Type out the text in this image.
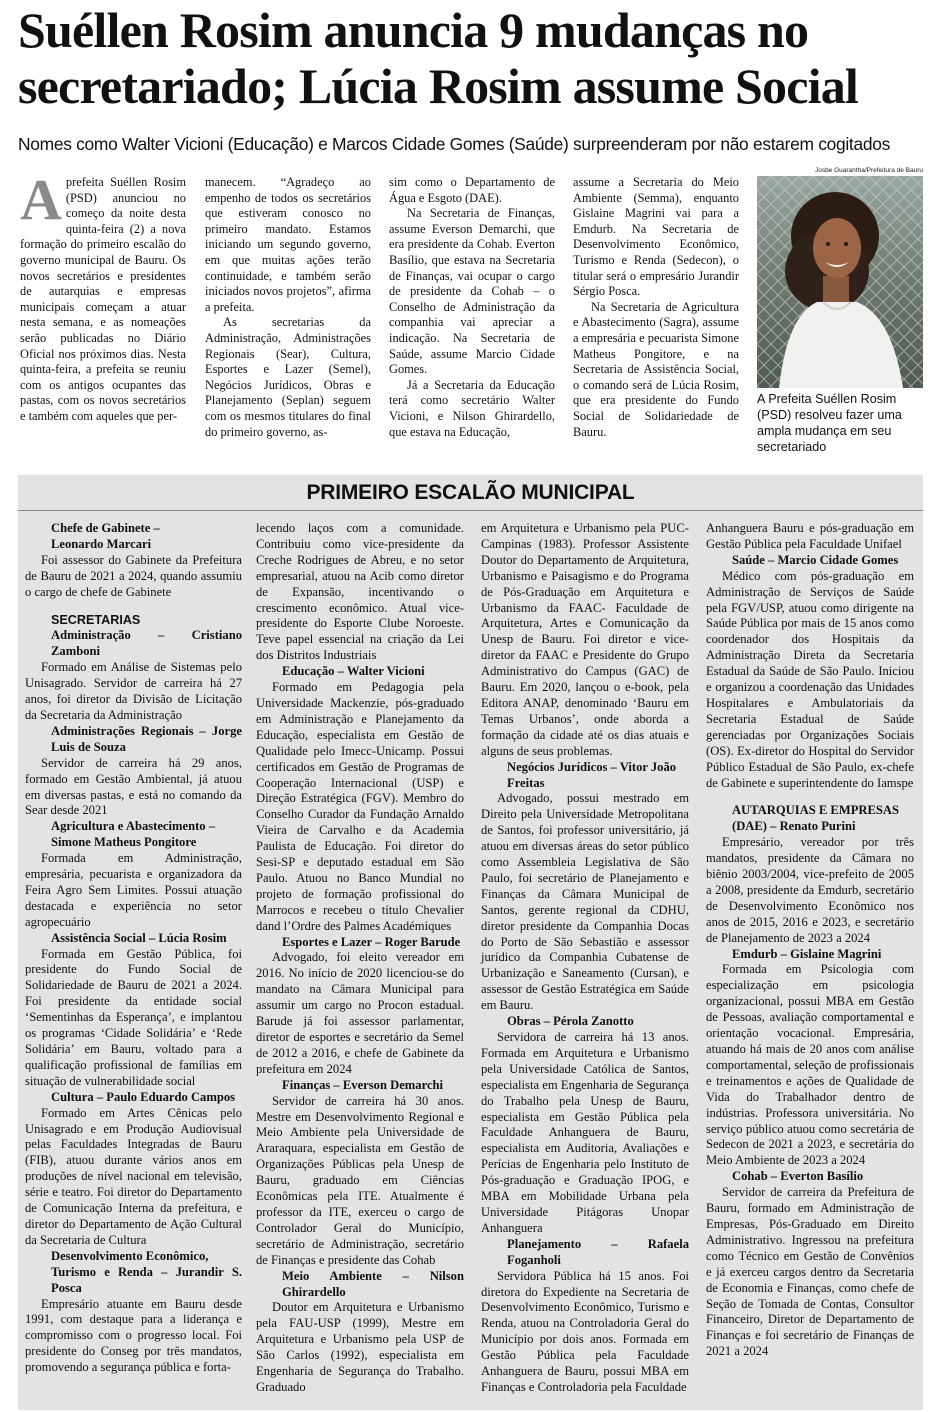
Suéllen Rosim anuncia 9 mudanças no secretariado; Lúcia Rosim assume Social

Nomes como Walter Vicioni (Educação) e Marcos Cidade Gomes (Saúde) surpreenderam por não estarem cogitados

A prefeita Suéllen Rosim (PSD) anunciou no começo da noite desta quinta-feira (2) a nova formação do primeiro escalão do governo municipal de Bauru. Os novos secretários e presidentes de autarquias e empresas municipais começam a atuar nesta semana, e as nomeações serão publicadas no Diário Oficial nos próximos dias. Nesta quinta-feira, a prefeita se reuniu com os antigos ocupantes das pastas, com os novos secretários e também com aqueles que per-

manecem. “Agradeço ao empenho de todos os secretários que estiveram conosco no primeiro mandato. Estamos iniciando um segundo governo, em que muitas ações terão continuidade, e também serão iniciados novos projetos”, afirma a prefeita.

As secretarias da Administração, Administrações Regionais (Sear), Cultura, Esportes e Lazer (Semel), Negócios Jurídicos, Obras e Planejamento (Seplan) seguem com os mesmos titulares do final do primeiro governo, as-

sim como o Departamento de Água e Esgoto (DAE).

Na Secretaria de Finanças, assume Everson Demarchi, que era presidente da Cohab. Everton Basílio, que estava na Secretaria de Finanças, vai ocupar o cargo de presidente da Cohab – o Conselho de Administração da companhia vai apreciar a indicação. Na Secretaria de Saúde, assume Marcio Cidade Gomes.

Já a Secretaria da Educação terá como secretário Walter Vicioni, e Nilson Ghirardello, que estava na Educação,

assume a Secretaria do Meio Ambiente (Semma), enquanto Gislaine Magrini vai para a Emdurb. Na Secretaria de Desenvolvimento Econômico, Turismo e Renda (Sedecon), o titular será o empresário Jurandir Sérgio Posca.

Na Secretaria de Agricultura e Abastecimento (Sagra), assume a empresária e pecuarista Simone Matheus Pongitore, e na Secretaria de Assistência Social, o comando será de Lúcia Rosim, que era presidente do Fundo Social de Solidariedade de Bauru.

Josbe Guarantha/Prefeitura de Bauru
A Prefeita Suéllen Rosim (PSD) resolveu fazer uma ampla mudança em seu secretariado
PRIMEIRO ESCALÃO MUNICIPAL
Chefe de Gabinete –
Leonardo Marcari

Foi assessor do Gabinete da Prefeitura de Bauru de 2021 a 2024, quando assumiu o cargo de chefe de Gabinete

SECRETARIAS
Administração – Cristiano Zamboni

Formado em Análise de Sistemas pelo Unisagrado. Servidor de carreira há 27 anos, foi diretor da Divisão de Licitação da Secretaria da Administração

Administrações Regionais – Jorge Luis de Souza

Servidor de carreira há 29 anos, formado em Gestão Ambiental, já atuou em diversas pastas, e está no comando da Sear desde 2021

Agricultura e Abastecimento –
Simone Matheus Pongitore

Formada em Administração, empresária, pecuarista e organizadora da Feira Agro Sem Limites. Possui atuação destacada e experiência no setor agropecuário

Assistência Social – Lúcia Rosim

Formada em Gestão Pública, foi presidente do Fundo Social de Solidariedade de Bauru de 2021 a 2024. Foi presidente da entidade social ‘Sementinhas da Esperança’, e implantou os programas ‘Cidade Solidária’ e ‘Rede Solidária’ em Bauru, voltado para a qualificação profissional de famílias em situação de vulnerabilidade social

Cultura – Paulo Eduardo Campos

Formado em Artes Cênicas pelo Unisagrado e em Produção Audiovisual pelas Faculdades Integradas de Bauru (FIB), atuou durante vários anos em produções de nível nacional em televisão, série e teatro. Foi diretor do Departamento de Comunicação Interna da prefeitura, e diretor do Departamento de Ação Cultural da Secretaria de Cultura

Desenvolvimento Econômico,
Turismo e Renda – Jurandir S. Posca

Empresário atuante em Bauru desde 1991, com destaque para a liderança e compromisso com o progresso local. Foi presidente do Conseg por três mandatos, promovendo a segurança pública e forta-

lecendo laços com a comunidade. Contribuiu como vice-presidente da Creche Rodrigues de Abreu, e no setor empresarial, atuou na Acib como diretor de Expansão, incentivando o crescimento econômico. Atual vice-presidente do Esporte Clube Noroeste. Teve papel essencial na criação da Lei dos Distritos Industriais

Educação – Walter Vicioni

Formado em Pedagogia pela Universidade Mackenzie, pós-graduado em Administração e Planejamento da Educação, especialista em Gestão de Qualidade pelo Imecc-Unicamp. Possui certificados em Gestão de Programas de Cooperação Internacional (USP) e Direção Estratégica (FGV). Membro do Conselho Curador da Fundação Arnaldo Vieira de Carvalho e da Academia Paulista de Educação. Foi diretor do Sesi-SP e deputado estadual em São Paulo. Atuou no Banco Mundial no projeto de formação profissional do Marrocos e recebeu o título Chevalier dand l’Ordre des Palmes Académiques

Esportes e Lazer – Roger Barude

Advogado, foi eleito vereador em 2016. No início de 2020 licenciou-se do mandato na Câmara Municipal para assumir um cargo no Procon estadual. Barude já foi assessor parlamentar, diretor de esportes e secretário da Semel de 2012 a 2016, e chefe de Gabinete da prefeitura em 2024

Finanças – Everson Demarchi

Servidor de carreira há 30 anos. Mestre em Desenvolvimento Regional e Meio Ambiente pela Universidade de Araraquara, especialista em Gestão de Organizações Públicas pela Unesp de Bauru, graduado em Ciências Econômicas pela ITE. Atualmente é professor da ITE, exerceu o cargo de Controlador Geral do Município, secretário de Administração, secretário de Finanças e presidente das Cohab

Meio Ambiente – Nilson Ghirardello

Doutor em Arquitetura e Urbanismo pela FAU-USP (1999), Mestre em Arquitetura e Urbanismo pela USP de São Carlos (1992), especialista em Engenharia de Segurança do Trabalho. Graduado

em Arquitetura e Urbanismo pela PUC-Campinas (1983). Professor Assistente Doutor do Departamento de Arquitetura, Urbanismo e Paisagismo e do Programa de Pós-Graduação em Arquitetura e Urbanismo da FAAC- Faculdade de Arquitetura, Artes e Comunicação da Unesp de Bauru. Foi diretor e vice-diretor da FAAC e Presidente do Grupo Administrativo do Campus (GAC) de Bauru. Em 2020, lançou o e-book, pela Editora ANAP, denominado ‘Bauru em Temas Urbanos’, onde aborda a formação da cidade até os dias atuais e alguns de seus problemas.

Negócios Jurídicos – Vitor João
Freitas

Advogado, possui mestrado em Direito pela Universidade Metropolitana de Santos, foi professor universitário, já atuou em diversas áreas do setor público como Assembleia Legislativa de São Paulo, foi secretário de Planejamento e Finanças da Câmara Municipal de Santos, gerente regional da CDHU, diretor presidente da Companhia Docas do Porto de São Sebastião e assessor jurídico da Companhia Cubatense de Urbanização e Saneamento (Cursan), e assessor de Gestão Estratégica em Saúde em Bauru.

Obras – Pérola Zanotto

Servidora de carreira há 13 anos. Formada em Arquitetura e Urbanismo pela Universidade Católica de Santos, especialista em Engenharia de Segurança do Trabalho pela Unesp de Bauru, especialista em Gestão Pública pela Faculdade Anhanguera de Bauru, especialista em Auditoria, Avaliações e Perícias de Engenharia pelo Instituto de Pós-graduação e Graduação IPOG, e MBA em Mobilidade Urbana pela Universidade Pitágoras Unopar Anhanguera

Planejamento – Rafaela Foganholi

Servidora Pública há 15 anos. Foi diretora do Expediente na Secretaria de Desenvolvimento Econômico, Turismo e Renda, atuou na Controladoria Geral do Município por dois anos. Formada em Gestão Pública pela Faculdade Anhanguera de Bauru, possui MBA em Finanças e Controladoria pela Faculdade

Anhanguera Bauru e pós-graduação em Gestão Pública pela Faculdade Unifael

Saúde – Marcio Cidade Gomes

Médico com pós-graduação em Administração de Serviços de Saúde pela FGV/USP, atuou como dirigente na Saúde Pública por mais de 15 anos como coordenador dos Hospitais da Administração Direta da Secretaria Estadual da Saúde de São Paulo. Iniciou e organizou a coordenação das Unidades Hospitalares e Ambulatoriais da Secretaria Estadual de Saúde gerenciadas por Organizações Sociais (OS). Ex-diretor do Hospital do Servidor Público Estadual de São Paulo, ex-chefe de Gabinete e superintendente do Iamspe

AUTARQUIAS E EMPRESAS
(DAE) – Renato Purini

Empresário, vereador por três mandatos, presidente da Câmara no biênio 2003/2004, vice-prefeito de 2005 a 2008, presidente da Emdurb, secretário de Desenvolvimento Econômico nos anos de 2015, 2016 e 2023, e secretário de Planejamento de 2023 a 2024

Emdurb – Gislaine Magrini

Formada em Psicologia com especialização em psicologia organizacional, possui MBA em Gestão de Pessoas, avaliação comportamental e orientação vocacional. Empresária, atuando há mais de 20 anos com análise comportamental, seleção de profissionais e treinamentos e ações de Qualidade de Vida do Trabalhador dentro de indústrias. Professora universitária. No serviço público atuou como secretária de Sedecon de 2021 a 2023, e secretária do Meio Ambiente de 2023 a 2024

Cohab – Everton Basílio

Servidor de carreira da Prefeitura de Bauru, formado em Administração de Empresas, Pós-Graduado em Direito Administrativo. Ingressou na prefeitura como Técnico em Gestão de Convênios e já exerceu cargos dentro da Secretaria de Economia e Finanças, como chefe de Seção de Tomada de Contas, Consultor Financeiro, Diretor de Departamento de Finanças e foi secretário de Finanças de 2021 a 2024
